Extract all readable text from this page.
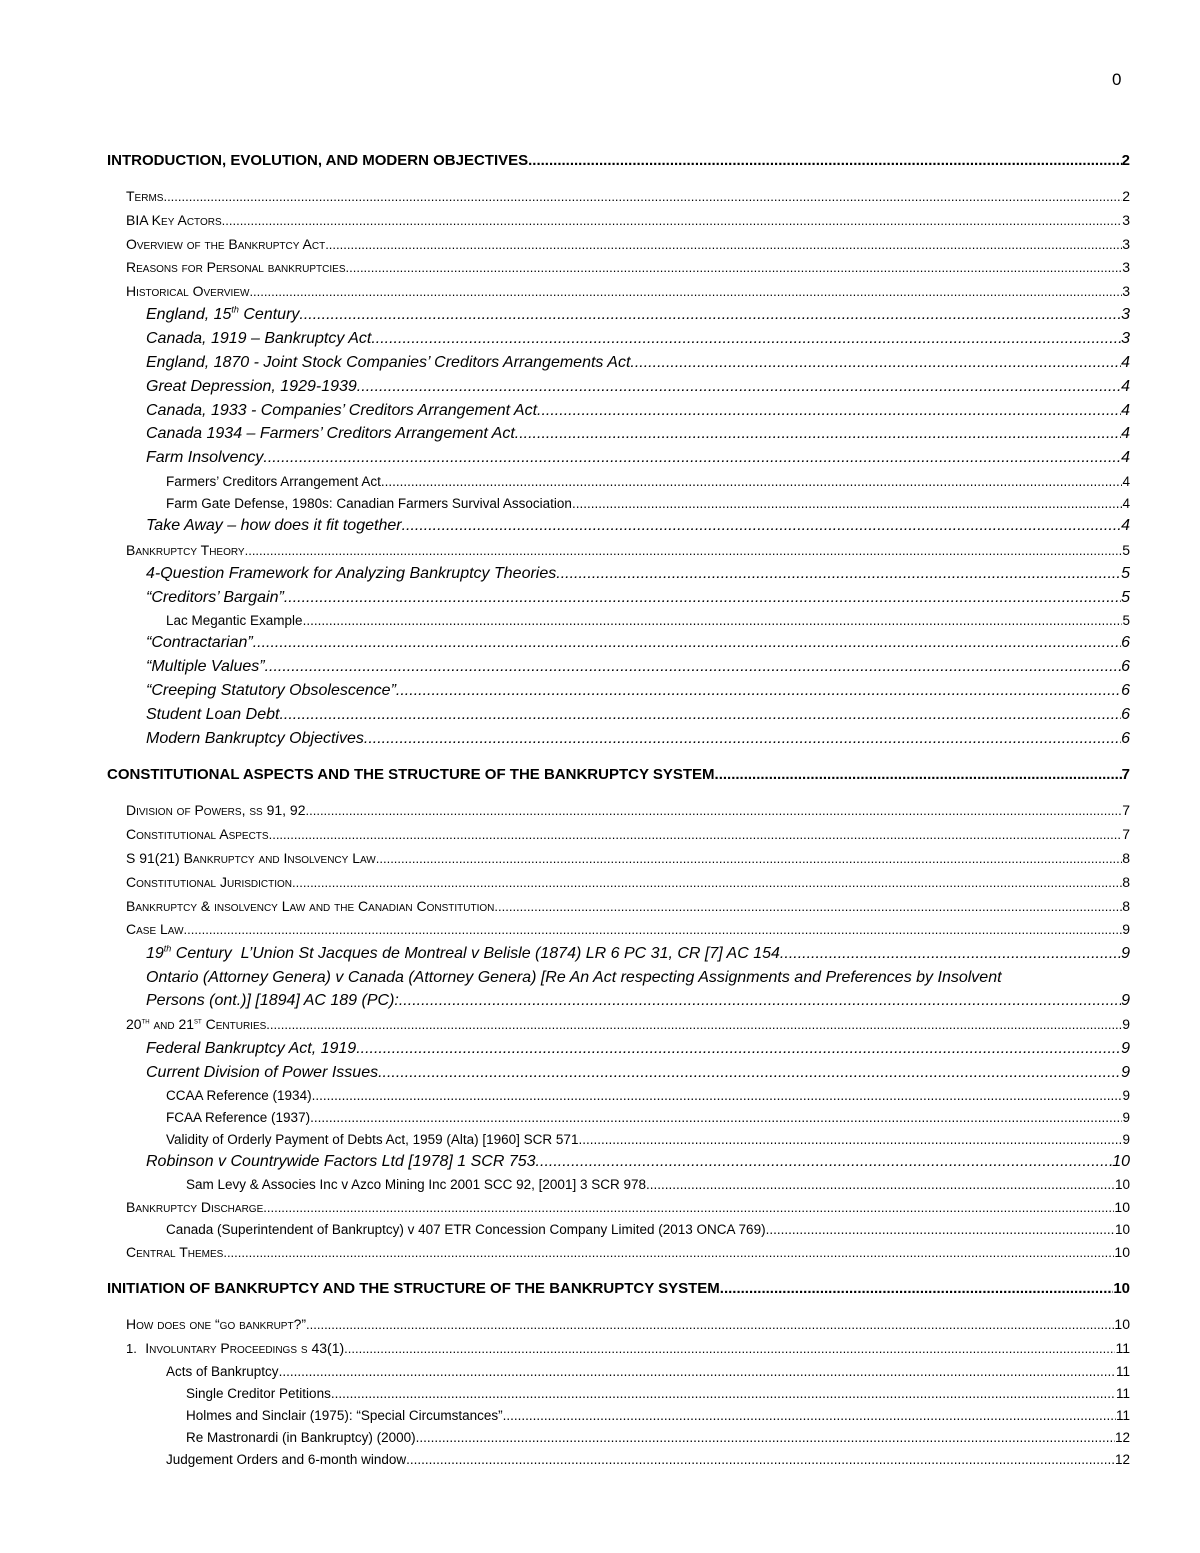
0
INTRODUCTION, EVOLUTION, AND MODERN OBJECTIVES .....	2
Terms .....	2
BIA Key Actors .....	3
Overview of the Bankruptcy Act .....	3
Reasons for Personal bankruptcies .....	3
Historical Overview .....	3
England, 15th Century .....	3
Canada, 1919 – Bankruptcy Act .....	3
England, 1870 - Joint Stock Companies’ Creditors Arrangements Act .....	4
Great Depression, 1929-1939 .....	4
Canada, 1933 - Companies’ Creditors Arrangement Act .....	4
Canada 1934 – Farmers’ Creditors Arrangement Act .....	4
Farm Insolvency .....	4
Farmers’ Creditors Arrangement Act .....	4
Farm Gate Defense, 1980s: Canadian Farmers Survival Association .....	4
Take Away – how does it fit together .....	4
Bankruptcy Theory .....	5
4-Question Framework for Analyzing Bankruptcy Theories .....	5
“Creditors’ Bargain” .....	5
Lac Megantic Example .....	5
“Contractarian” .....	6
“Multiple Values” .....	6
“Creeping Statutory Obsolescence” .....	6
Student Loan Debt .....	6
Modern Bankruptcy Objectives .....	6
CONSTITUTIONAL ASPECTS AND THE STRUCTURE OF THE BANKRUPTCY SYSTEM .....	7
Division of Powers, ss 91, 92 .....	7
Constitutional Aspects .....	7
S 91(21) Bankruptcy and Insolvency Law .....	8
Constitutional Jurisdiction .....	8
Bankruptcy & insolvency Law and the Canadian Constitution .....	8
Case Law .....	9
19th Century  L’Union St Jacques de Montreal v Belisle (1874) LR 6 PC 31, CR [7] AC 154 .....	9
Ontario (Attorney Genera) v Canada (Attorney Genera) [Re An Act respecting Assignments and Preferences by Insolvent
Persons (ont.)] [1894] AC 189 (PC): .....	9
20th and 21st Centuries .....	9
Federal Bankruptcy Act, 1919 .....	9
Current Division of Power Issues .....	9
CCAA Reference (1934) .....	9
FCAA Reference (1937) .....	9
Validity of Orderly Payment of Debts Act, 1959 (Alta) [1960] SCR 571 .....	9
Robinson v Countrywide Factors Ltd [1978] 1 SCR 753 .....	10
Sam Levy & Associes Inc v Azco Mining Inc 2001 SCC 92, [2001] 3 SCR 978 .....	10
Bankruptcy Discharge .....	10
Canada (Superintendent of Bankruptcy) v 407 ETR Concession Company Limited (2013 ONCA 769) .....	10
Central Themes .....	10
INITIATION OF BANKRUPTCY AND THE STRUCTURE OF THE BANKRUPTCY SYSTEM .....	10
How does one “go bankrupt?” .....	10
1. Involuntary Proceedings s 43(1) .....	11
Acts of Bankruptcy .....	11
Single Creditor Petitions .....	11
Holmes and Sinclair (1975): “Special Circumstances” .....	11
Re Mastronardi (in Bankruptcy) (2000) .....	12
Judgement Orders and 6-month window .....	12
